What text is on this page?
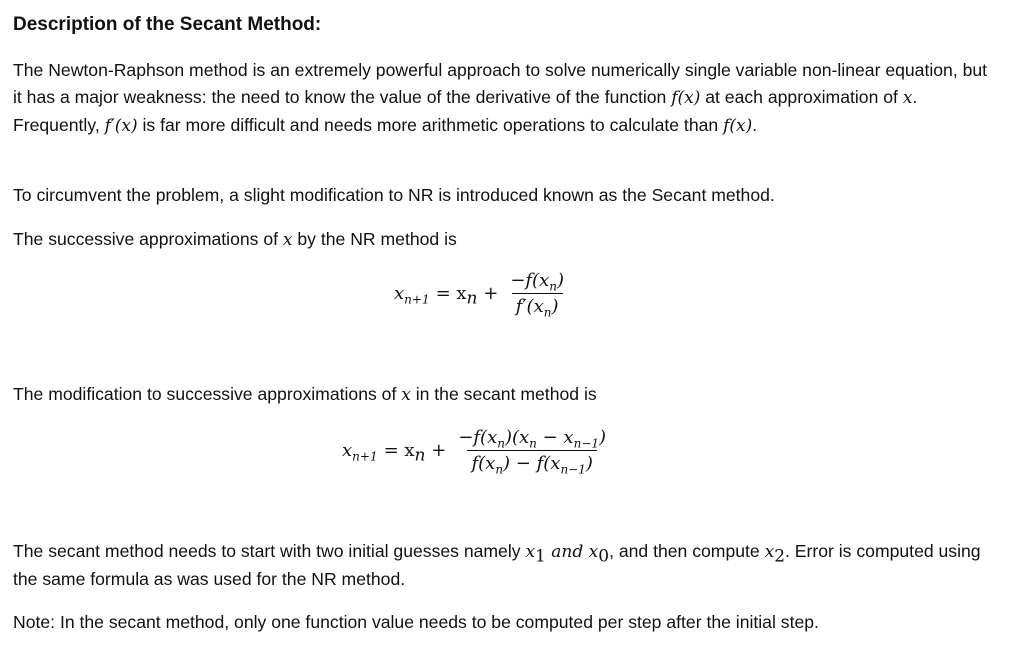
Description of the Secant Method:

The Newton-Raphson method is an extremely powerful approach to solve numerically single variable non-linear equation, but it has a major weakness: the need to know the value of the derivative of the function f(x) at each approximation of x. Frequently, f′(x) is far more difficult and needs more arithmetic operations to calculate than f(x).

To circumvent the problem, a slight modification to NR is introduced known as the Secant method.

The successive approximations of x by the NR method is

The modification to successive approximations of x in the secant method is

The secant method needs to start with two initial guesses namely $x_1$ and $x_0$, and then compute $x_2$. Error is computed using the same formula as was used for the NR method.

Note: In the secant method, only one function value needs to be computed per step after the initial step.

$x_{n+1} = x_n + \frac{-f(x_n)}{f'(x_n)}$
$x_{n+1} = x_n + \frac{-f(x_n)(x_n - x_{n-1})}{f(x_n) - f(x_{n-1})}$
